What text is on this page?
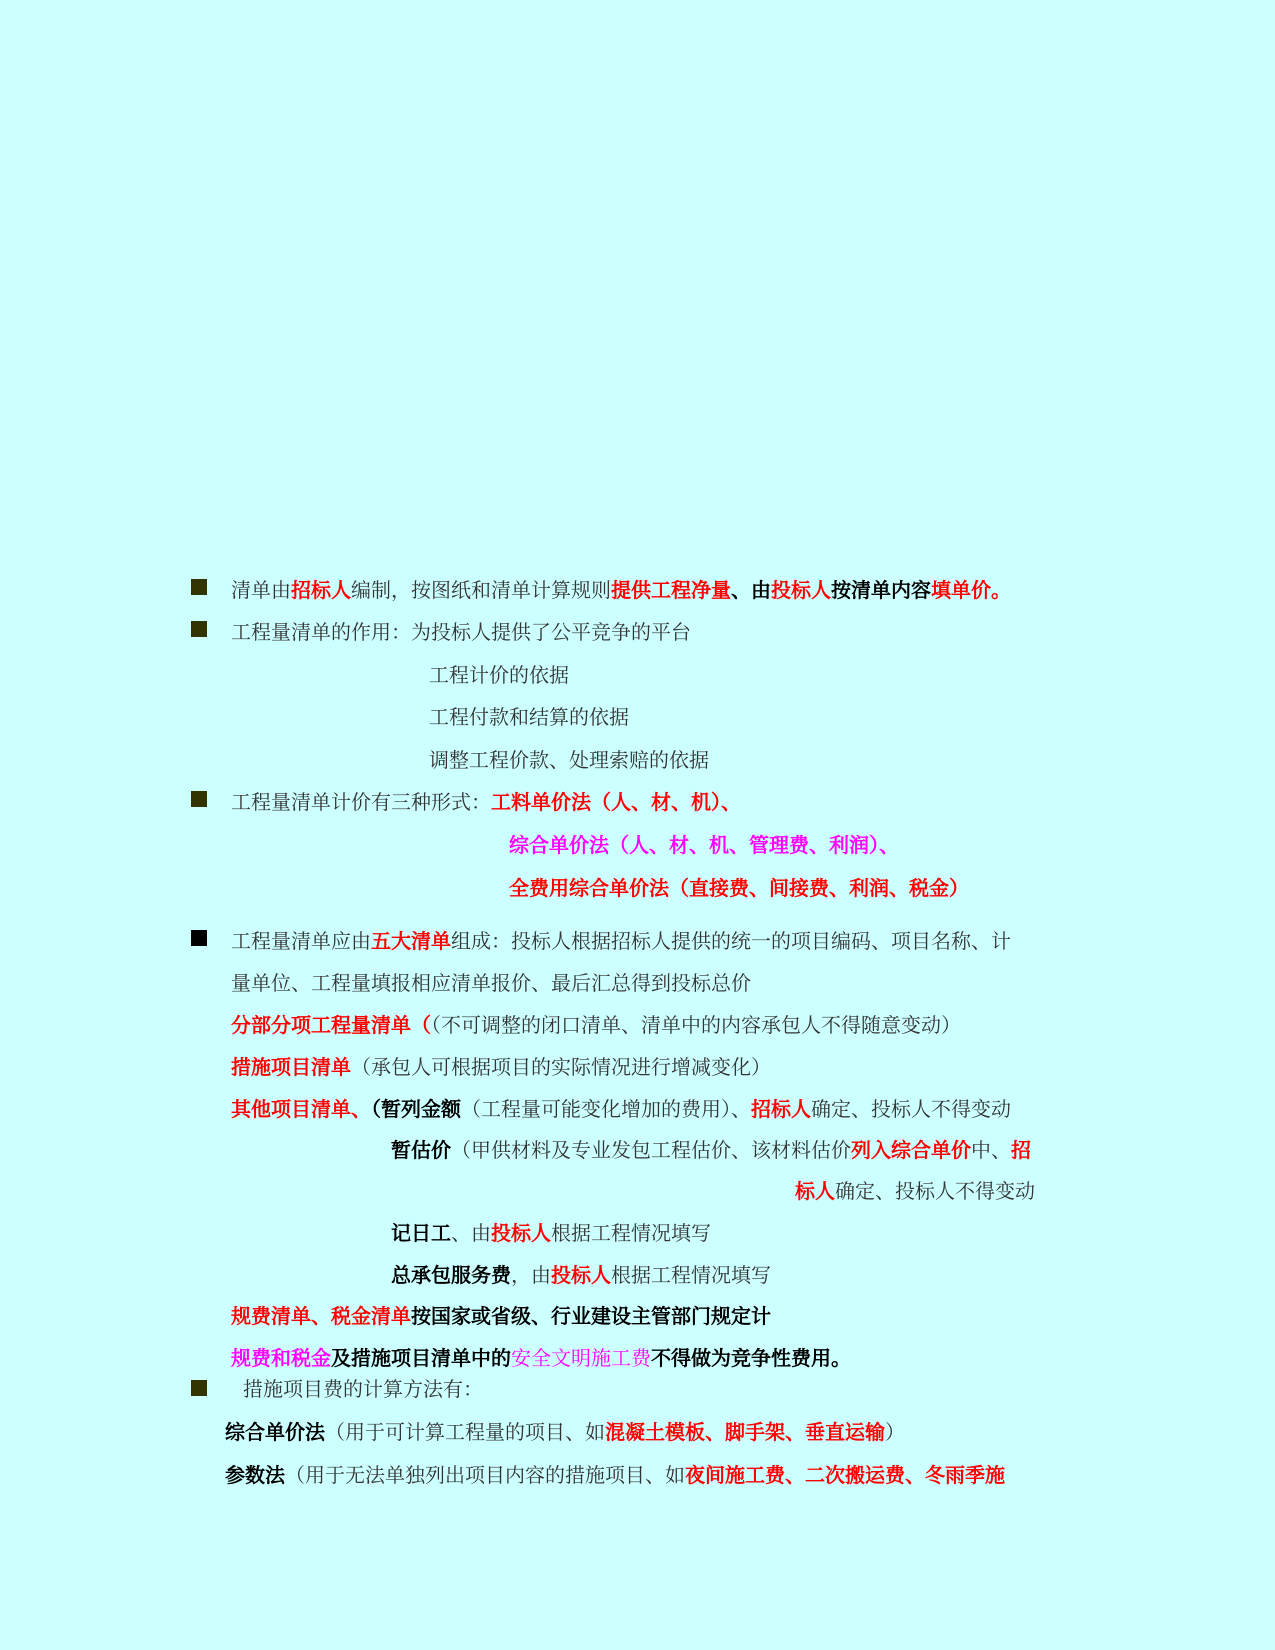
清单由招标人编制，按图纸和清单计算规则提供工程净量、由投标人按清单内容填单价。
工程量清单的作用：为投标人提供了公平竞争的平台
工程计价的依据
工程付款和结算的依据
调整工程价款、处理索赔的依据
工程量清单计价有三种形式：工料单价法（人、材、机）、
综合单价法（人、材、机、管理费、利润）、
全费用综合单价法（直接费、间接费、利润、税金）
工程量清单应由五大清单组成：投标人根据招标人提供的统一的项目编码、项目名称、计
量单位、工程量填报相应清单报价、最后汇总得到投标总价
分部分项工程量清单（（不可调整的闭口清单、清单中的内容承包人不得随意变动）
措施项目清单（承包人可根据项目的实际情况进行增减变化）
其他项目清单、（暂列金额（工程量可能变化增加的费用）、招标人确定、投标人不得变动
暂估价（甲供材料及专业发包工程估价、该材料估价列入综合单价中、招
标人确定、投标人不得变动
记日工、由投标人根据工程情况填写
总承包服务费，由投标人根据工程情况填写
规费清单、税金清单按国家或省级、行业建设主管部门规定计
规费和税金及措施项目清单中的安全文明施工费不得做为竞争性费用。
措施项目费的计算方法有：
综合单价法（用于可计算工程量的项目、如混凝土模板、脚手架、垂直运输）
参数法（用于无法单独列出项目内容的措施项目、如夜间施工费、二次搬运费、冬雨季施
